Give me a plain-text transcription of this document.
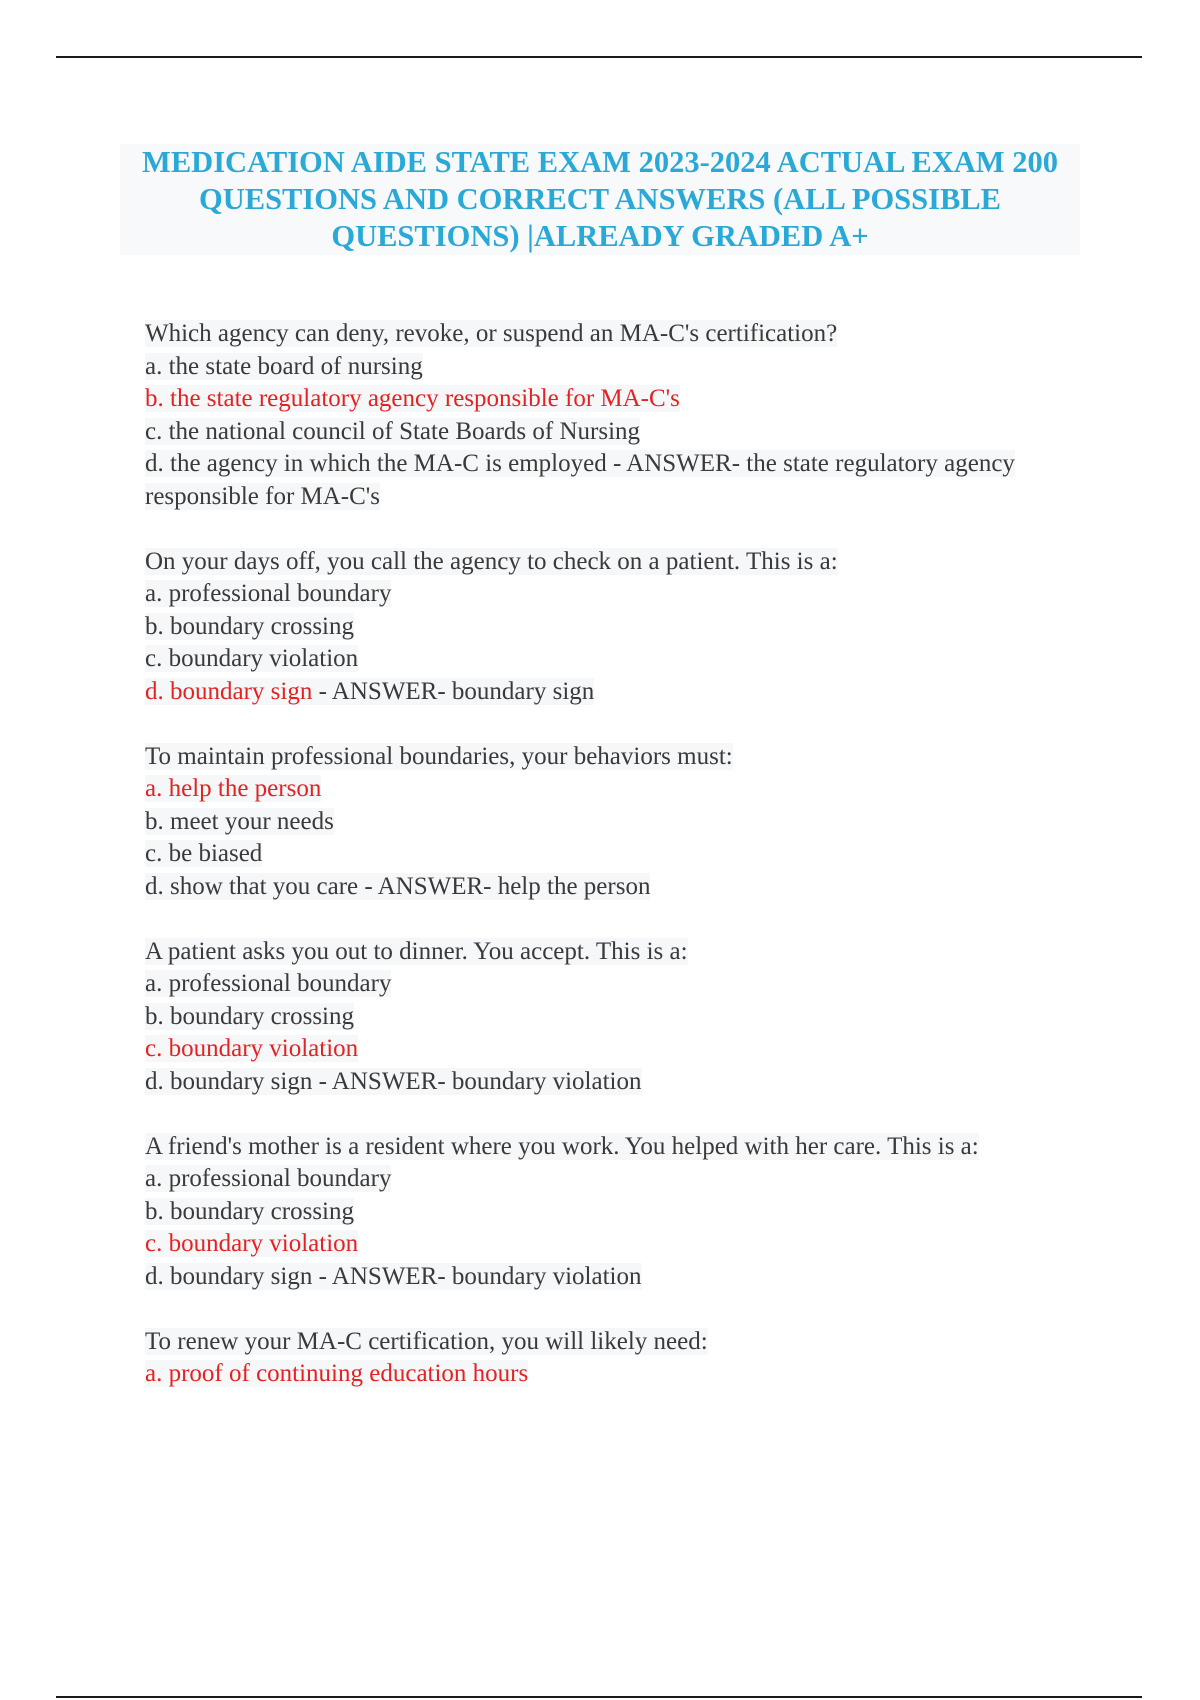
MEDICATION AIDE STATE EXAM 2023-2024 ACTUAL EXAM 200 QUESTIONS AND CORRECT ANSWERS (ALL POSSIBLE QUESTIONS) |ALREADY GRADED A+
Which agency can deny, revoke, or suspend an MA-C's certification?
a. the state board of nursing
b. the state regulatory agency responsible for MA-C's
c. the national council of State Boards of Nursing
d. the agency in which the MA-C is employed - ANSWER- the state regulatory agency responsible for MA-C's
On your days off, you call the agency to check on a patient. This is a:
a. professional boundary
b. boundary crossing
c. boundary violation
d. boundary sign - ANSWER- boundary sign
To maintain professional boundaries, your behaviors must:
a. help the person
b. meet your needs
c. be biased
d. show that you care - ANSWER- help the person
A patient asks you out to dinner. You accept. This is a:
a. professional boundary
b. boundary crossing
c. boundary violation
d. boundary sign - ANSWER- boundary violation
A friend's mother is a resident where you work. You helped with her care. This is a:
a. professional boundary
b. boundary crossing
c. boundary violation
d. boundary sign - ANSWER- boundary violation
To renew your MA-C certification, you will likely need:
a. proof of continuing education hours
